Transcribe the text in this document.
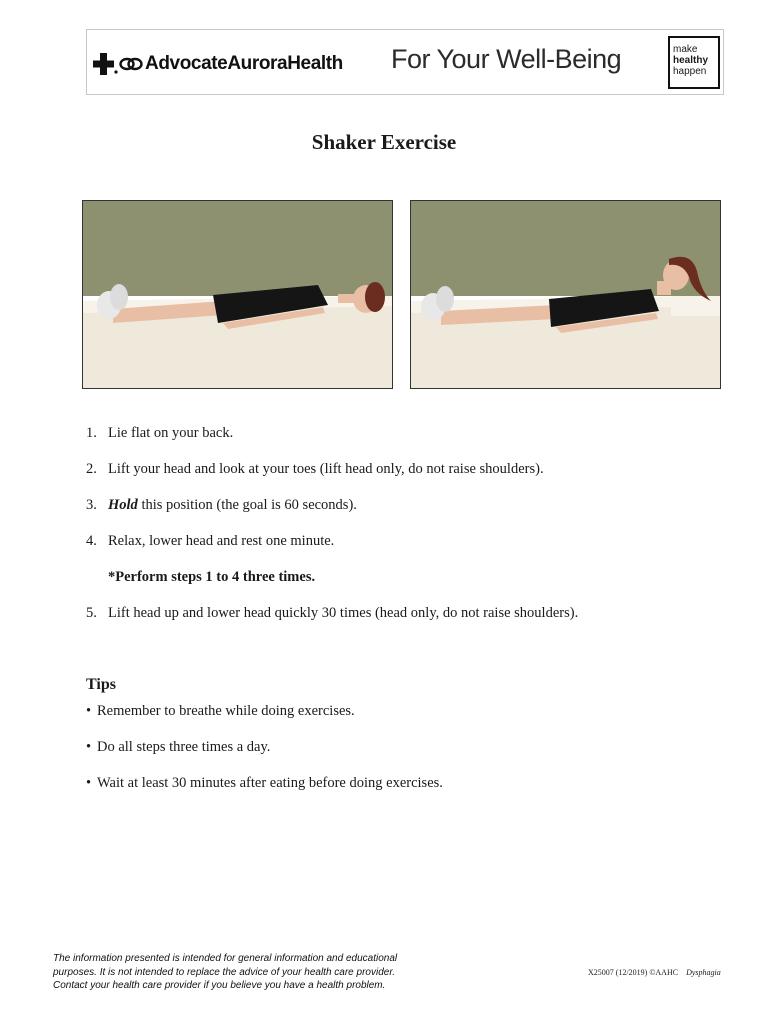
AdvocateAuroraHealth For Your Well-Being	make
healthy
happen
Shaker Exercise
1. Lie flat on your back.
2. Lift your head and look at your toes (lift head only, do not raise shoulders).
3. Hold this position (the goal is 60 seconds).
4. Relax, lower head and rest one minute.
*Perform steps 1 to 4 three times.
5. Lift head up and lower head quickly 30 times (head only, do not raise shoulders).
Tips
• Remember to breathe while doing exercises.
• Do all steps three times a day.
• Wait at least 30 minutes after eating before doing exercises.
The information presented is intended for general information and educational
purposes. It is not intended to replace the advice of your health care provider.
Contact your health care provider if you believe you have a health problem.
X25007 (12/2019) ©AAHC Dysphagia
